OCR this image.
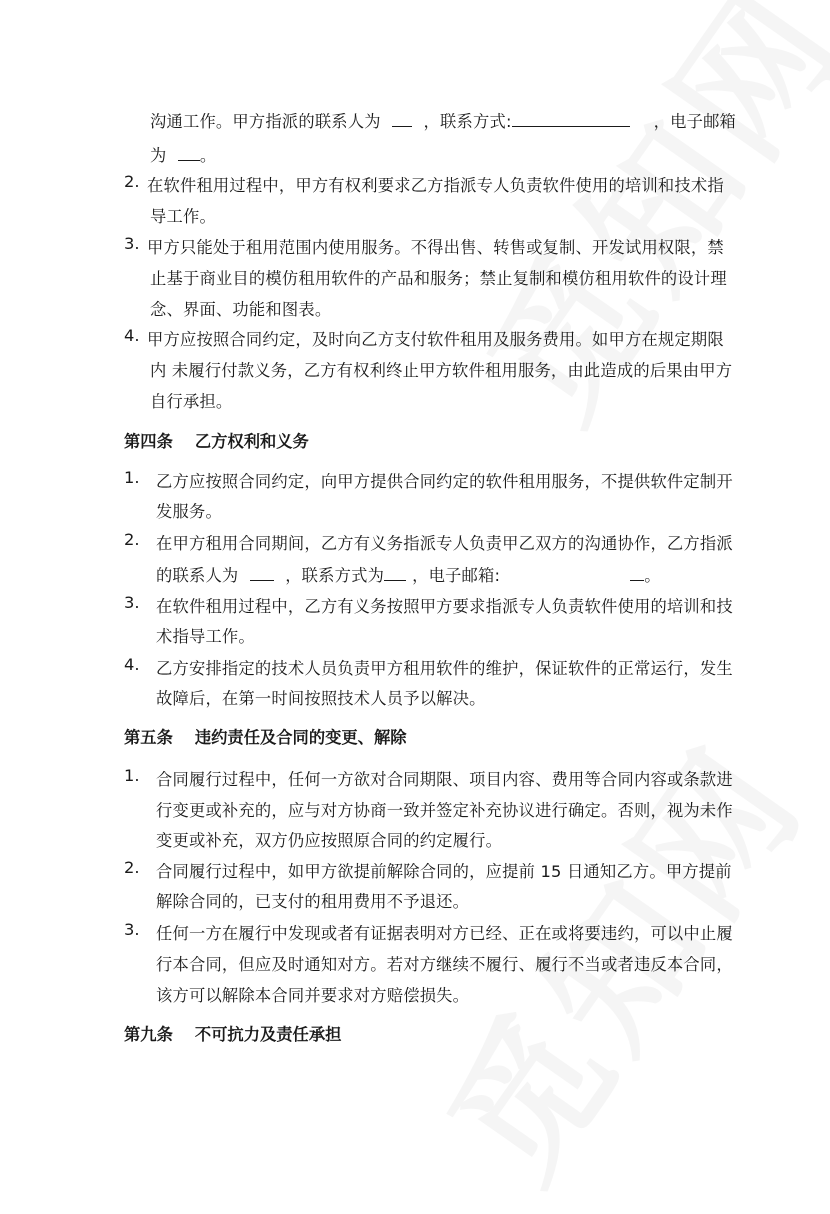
沟通工作。甲方指派的联系人为	，联系方式:	，电子邮箱
为 。
2. 在软件租用过程中，甲方有权利要求乙方指派专人负责软件使用的培训和技术指
导工作。
3. 甲方只能处于租用范围内使用服务。不得出售、转售或复制、开发试用权限，禁
止基于商业目的模仿租用软件的产品和服务；禁止复制和模仿租用软件的设计理
念、界面、功能和图表。
4. 甲方应按照合同约定，及时向乙方支付软件租用及服务费用。如甲方在规定期限
内 未履行付款义务，乙方有权利终止甲方软件租用服务，由此造成的后果由甲方
自行承担。
第四条 乙方权利和义务
1. 乙方应按照合同约定，向甲方提供合同约定的软件租用服务，不提供软件定制开
发服务。
2. 在甲方租用合同期间，乙方有义务指派专人负责甲乙双方的沟通协作，乙方指派
的联系人为	，联系方式为 ，电子邮箱:	。
3. 在软件租用过程中，乙方有义务按照甲方要求指派专人负责软件使用的培训和技
术指导工作。
4. 乙方安排指定的技术人员负责甲方租用软件的维护，保证软件的正常运行，发生
故障后，在第一时间按照技术人员予以解决。
第五条 违约责任及合同的变更、解除
1. 合同履行过程中，任何一方欲对合同期限、项目内容、费用等合同内容或条款进
行变更或补充的，应与对方协商一致并签定补充协议进行确定。否则，视为未作
变更或补充，双方仍应按照原合同的约定履行。
2. 合同履行过程中，如甲方欲提前解除合同的，应提前 15 日通知乙方。甲方提前
解除合同的，已支付的租用费用不予退还。
3. 任何一方在履行中发现或者有证据表明对方已经、正在或将要违约，可以中止履
行本合同，但应及时通知对方。若对方继续不履行、履行不当或者违反本合同，
该方可以解除本合同并要求对方赔偿损失。
第九条 不可抗力及责任承担
